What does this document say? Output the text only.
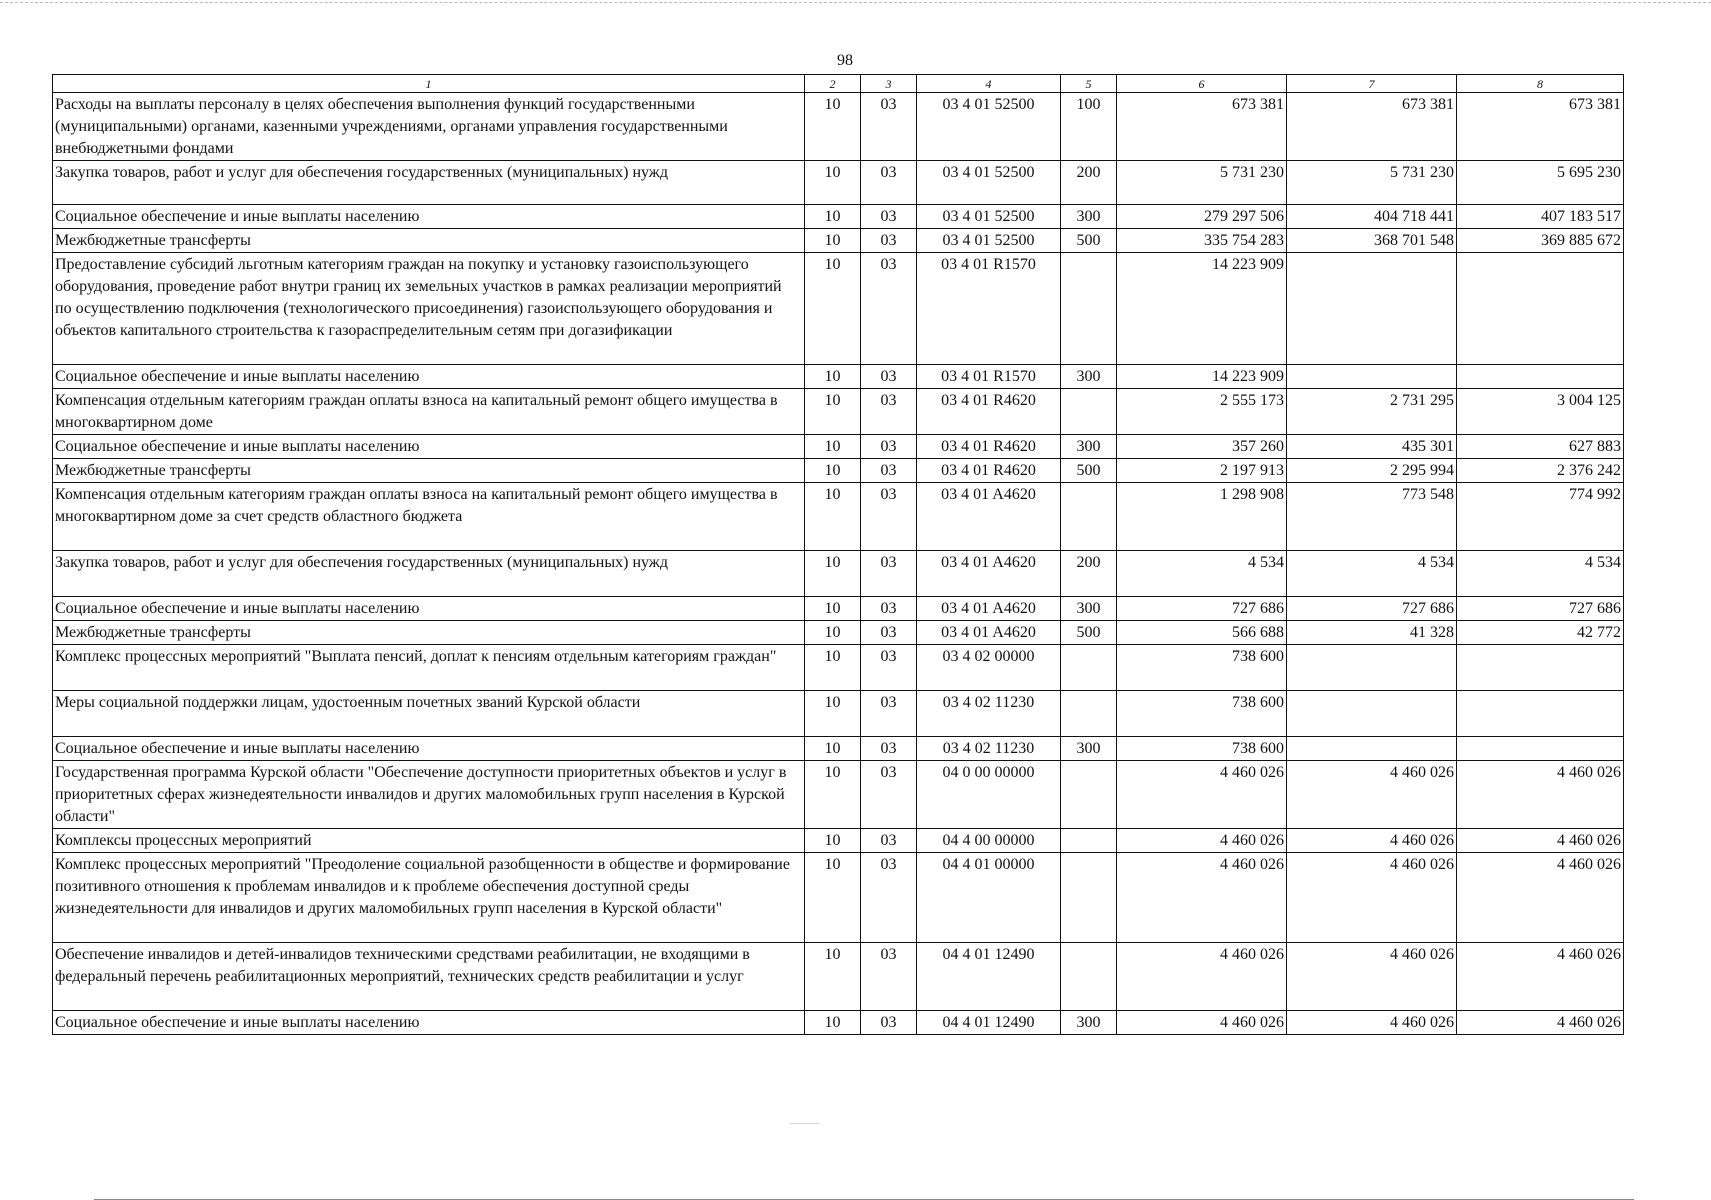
98
1	2	3	4	5	6	7	8
Расходы на выплаты персоналу в целях обеспечения выполнения функций государственными (муниципальными) органами, казенными учреждениями, органами управления государственными внебюджетными фондами	10	03	03 4 01 52500	100	673 381	673 381	673 381
Закупка товаров, работ и услуг для обеспечения государственных (муниципальных) нужд	10	03	03 4 01 52500	200	5 731 230	5 731 230	5 695 230
Социальное обеспечение и иные выплаты населению	10	03	03 4 01 52500	300	279 297 506	404 718 441	407 183 517
Межбюджетные трансферты	10	03	03 4 01 52500	500	335 754 283	368 701 548	369 885 672
Предоставление субсидий льготным категориям граждан на покупку и установку газоиспользующего оборудования, проведение работ внутри границ их земельных участков в рамках реализации мероприятий по осуществлению подключения (технологического присоединения) газоиспользующего оборудования и объектов капитального строительства к газораспределительным сетям при догазификации	10	03	03 4 01 R1570		14 223 909		
Социальное обеспечение и иные выплаты населению	10	03	03 4 01 R1570	300	14 223 909		
Компенсация отдельным категориям граждан оплаты взноса на капитальный ремонт общего имущества в многоквартирном доме	10	03	03 4 01 R4620		2 555 173	2 731 295	3 004 125
Социальное обеспечение и иные выплаты населению	10	03	03 4 01 R4620	300	357 260	435 301	627 883
Межбюджетные трансферты	10	03	03 4 01 R4620	500	2 197 913	2 295 994	2 376 242
Компенсация отдельным категориям граждан оплаты взноса на капитальный ремонт общего имущества в многоквартирном доме за счет средств областного бюджета	10	03	03 4 01 A4620		1 298 908	773 548	774 992
Закупка товаров, работ и услуг для обеспечения государственных (муниципальных) нужд	10	03	03 4 01 A4620	200	4 534	4 534	4 534
Социальное обеспечение и иные выплаты населению	10	03	03 4 01 A4620	300	727 686	727 686	727 686
Межбюджетные трансферты	10	03	03 4 01 A4620	500	566 688	41 328	42 772
Комплекс процессных мероприятий "Выплата пенсий, доплат к пенсиям отдельным категориям граждан"	10	03	03 4 02 00000		738 600		
Меры социальной поддержки лицам, удостоенным почетных званий Курской области	10	03	03 4 02 11230		738 600		
Социальное обеспечение и иные выплаты населению	10	03	03 4 02 11230	300	738 600		
Государственная программа Курской области "Обеспечение доступности приоритетных объектов и услуг в приоритетных сферах жизнедеятельности инвалидов и других маломобильных групп населения в Курской области"	10	03	04 0 00 00000		4 460 026	4 460 026	4 460 026
Комплексы процессных мероприятий	10	03	04 4 00 00000		4 460 026	4 460 026	4 460 026
Комплекс процессных мероприятий "Преодоление социальной разобщенности в обществе и формирование позитивного отношения к проблемам инвалидов и к проблеме обеспечения доступной среды жизнедеятельности для инвалидов и других маломобильных групп населения в Курской области"	10	03	04 4 01 00000		4 460 026	4 460 026	4 460 026
Обеспечение инвалидов и детей-инвалидов техническими средствами реабилитации, не входящими в федеральный перечень реабилитационных мероприятий, технических средств реабилитации и услуг	10	03	04 4 01 12490		4 460 026	4 460 026	4 460 026
Социальное обеспечение и иные выплаты населению	10	03	04 4 01 12490	300	4 460 026	4 460 026	4 460 026
